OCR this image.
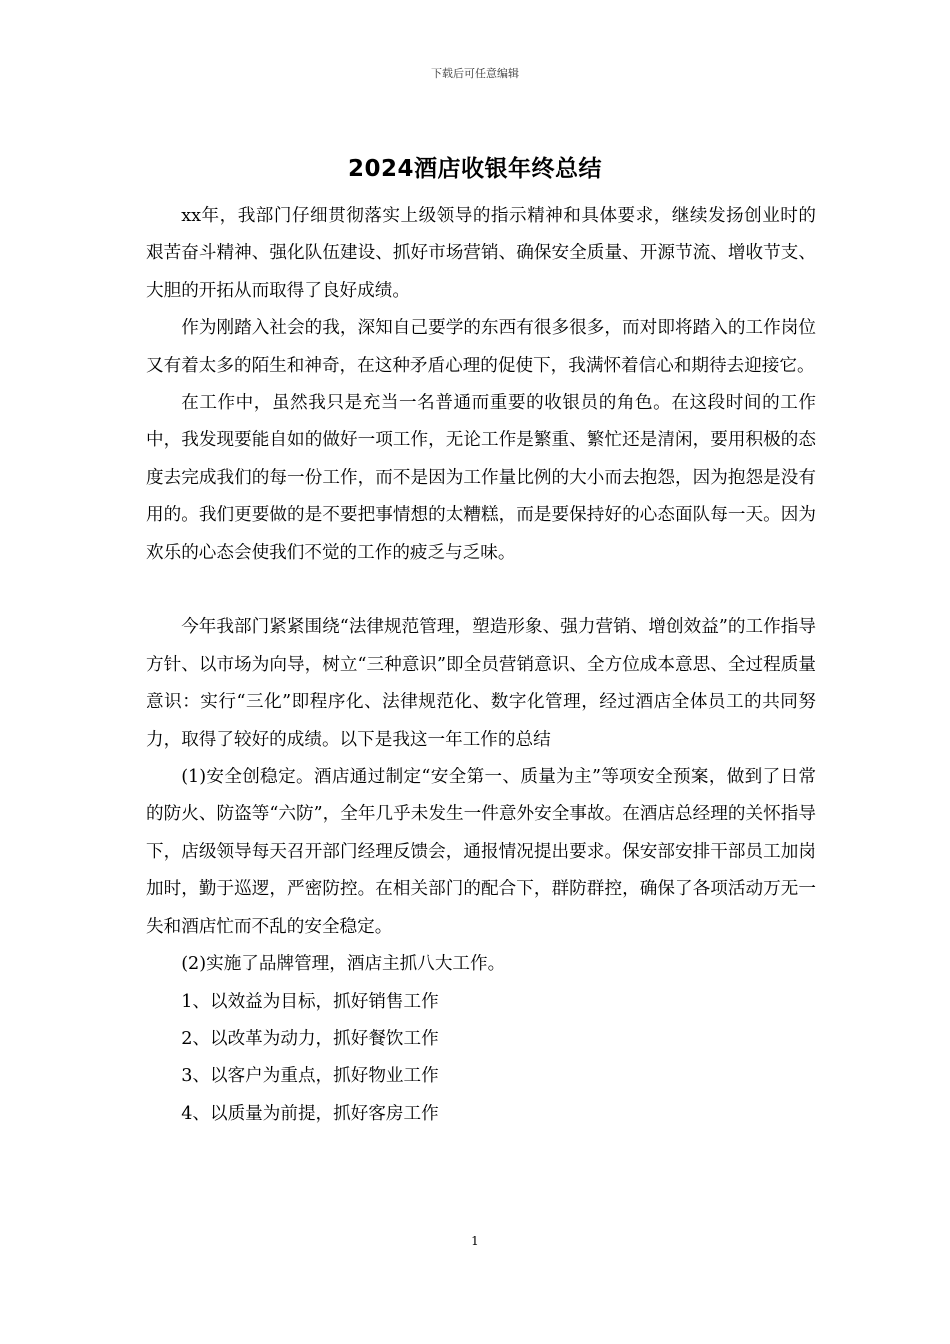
下载后可任意编辑
2024酒店收银年终总结

xx年，我部门仔细贯彻落实上级领导的指示精神和具体要求，继续发扬创业时的艰苦奋斗精神、强化队伍建设、抓好市场营销、确保安全质量、开源节流、增收节支、大胆的开拓从而取得了良好成绩。

作为刚踏入社会的我，深知自己要学的东西有很多很多，而对即将踏入的工作岗位又有着太多的陌生和神奇，在这种矛盾心理的促使下，我满怀着信心和期待去迎接它。

在工作中，虽然我只是充当一名普通而重要的收银员的角色。在这段时间的工作中，我发现要能自如的做好一项工作，无论工作是繁重、繁忙还是清闲，要用积极的态度去完成我们的每一份工作，而不是因为工作量比例的大小而去抱怨，因为抱怨是没有用的。我们更要做的是不要把事情想的太糟糕，而是要保持好的心态面队每一天。因为欢乐的心态会使我们不觉的工作的疲乏与乏味。

今年我部门紧紧围绕“法律规范管理，塑造形象、强力营销、增创效益”的工作指导方针、以市场为向导，树立“三种意识”即全员营销意识、全方位成本意思、全过程质量意识：实行“三化”即程序化、法律规范化、数字化管理，经过酒店全体员工的共同努力，取得了较好的成绩。以下是我这一年工作的总结

(1)安全创稳定。酒店通过制定“安全第一、质量为主”等项安全预案，做到了日常的防火、防盗等“六防”，全年几乎未发生一件意外安全事故。在酒店总经理的关怀指导下，店级领导每天召开部门经理反馈会，通报情况提出要求。保安部安排干部员工加岗加时，勤于巡逻，严密防控。在相关部门的配合下，群防群控，确保了各项活动万无一失和酒店忙而不乱的安全稳定。

(2)实施了品牌管理，酒店主抓八大工作。

1、以效益为目标，抓好销售工作

2、以改革为动力，抓好餐饮工作

3、以客户为重点，抓好物业工作

4、以质量为前提，抓好客房工作

1
